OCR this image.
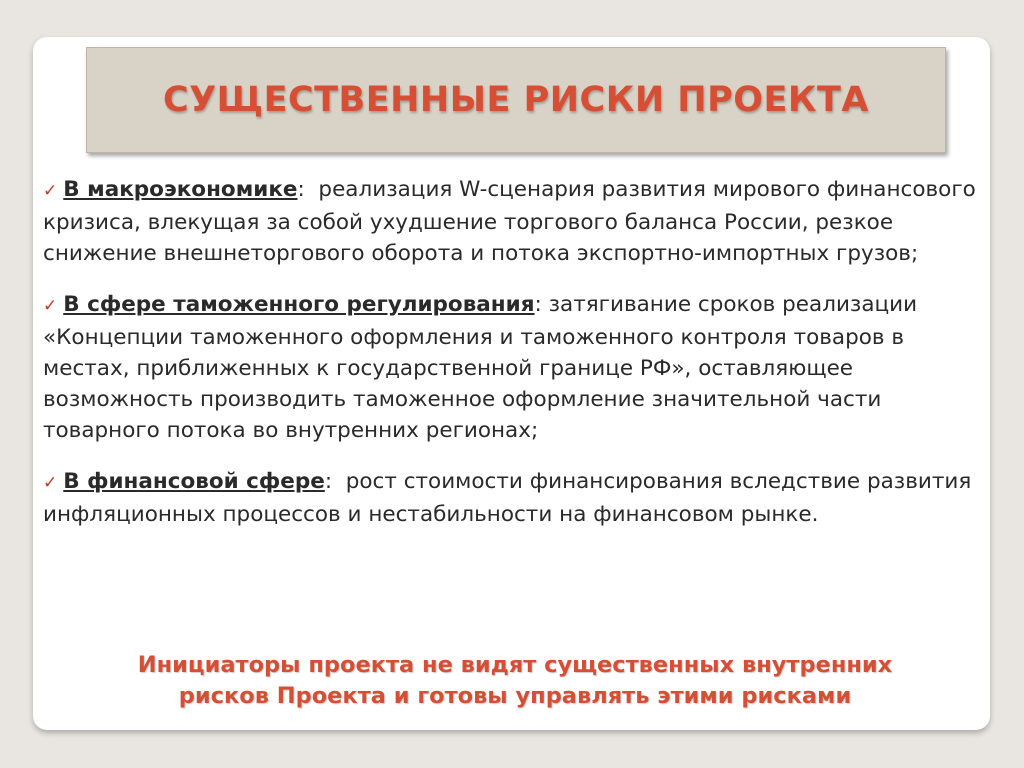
СУЩЕСТВЕННЫЕ РИСКИ ПРОЕКТА

✓ В макроэкономике:  реализация W-сценария развития мирового финансового кризиса, влекущая за собой ухудшение торгового баланса России, резкое снижение внешнеторгового оборота и потока экспортно-импортных грузов;

✓ В сфере таможенного регулирования: затягивание сроков реализации «Концепции таможенного оформления и таможенного контроля товаров в местах, приближенных к государственной границе РФ», оставляющее возможность производить таможенное оформление значительной части товарного потока во внутренних регионах;

✓ В финансовой сфере:  рост стоимости финансирования вследствие развития инфляционных процессов и нестабильности на финансовом рынке.

Инициаторы проекта не видят существенных внутренних
рисков Проекта и готовы управлять этими рисками
